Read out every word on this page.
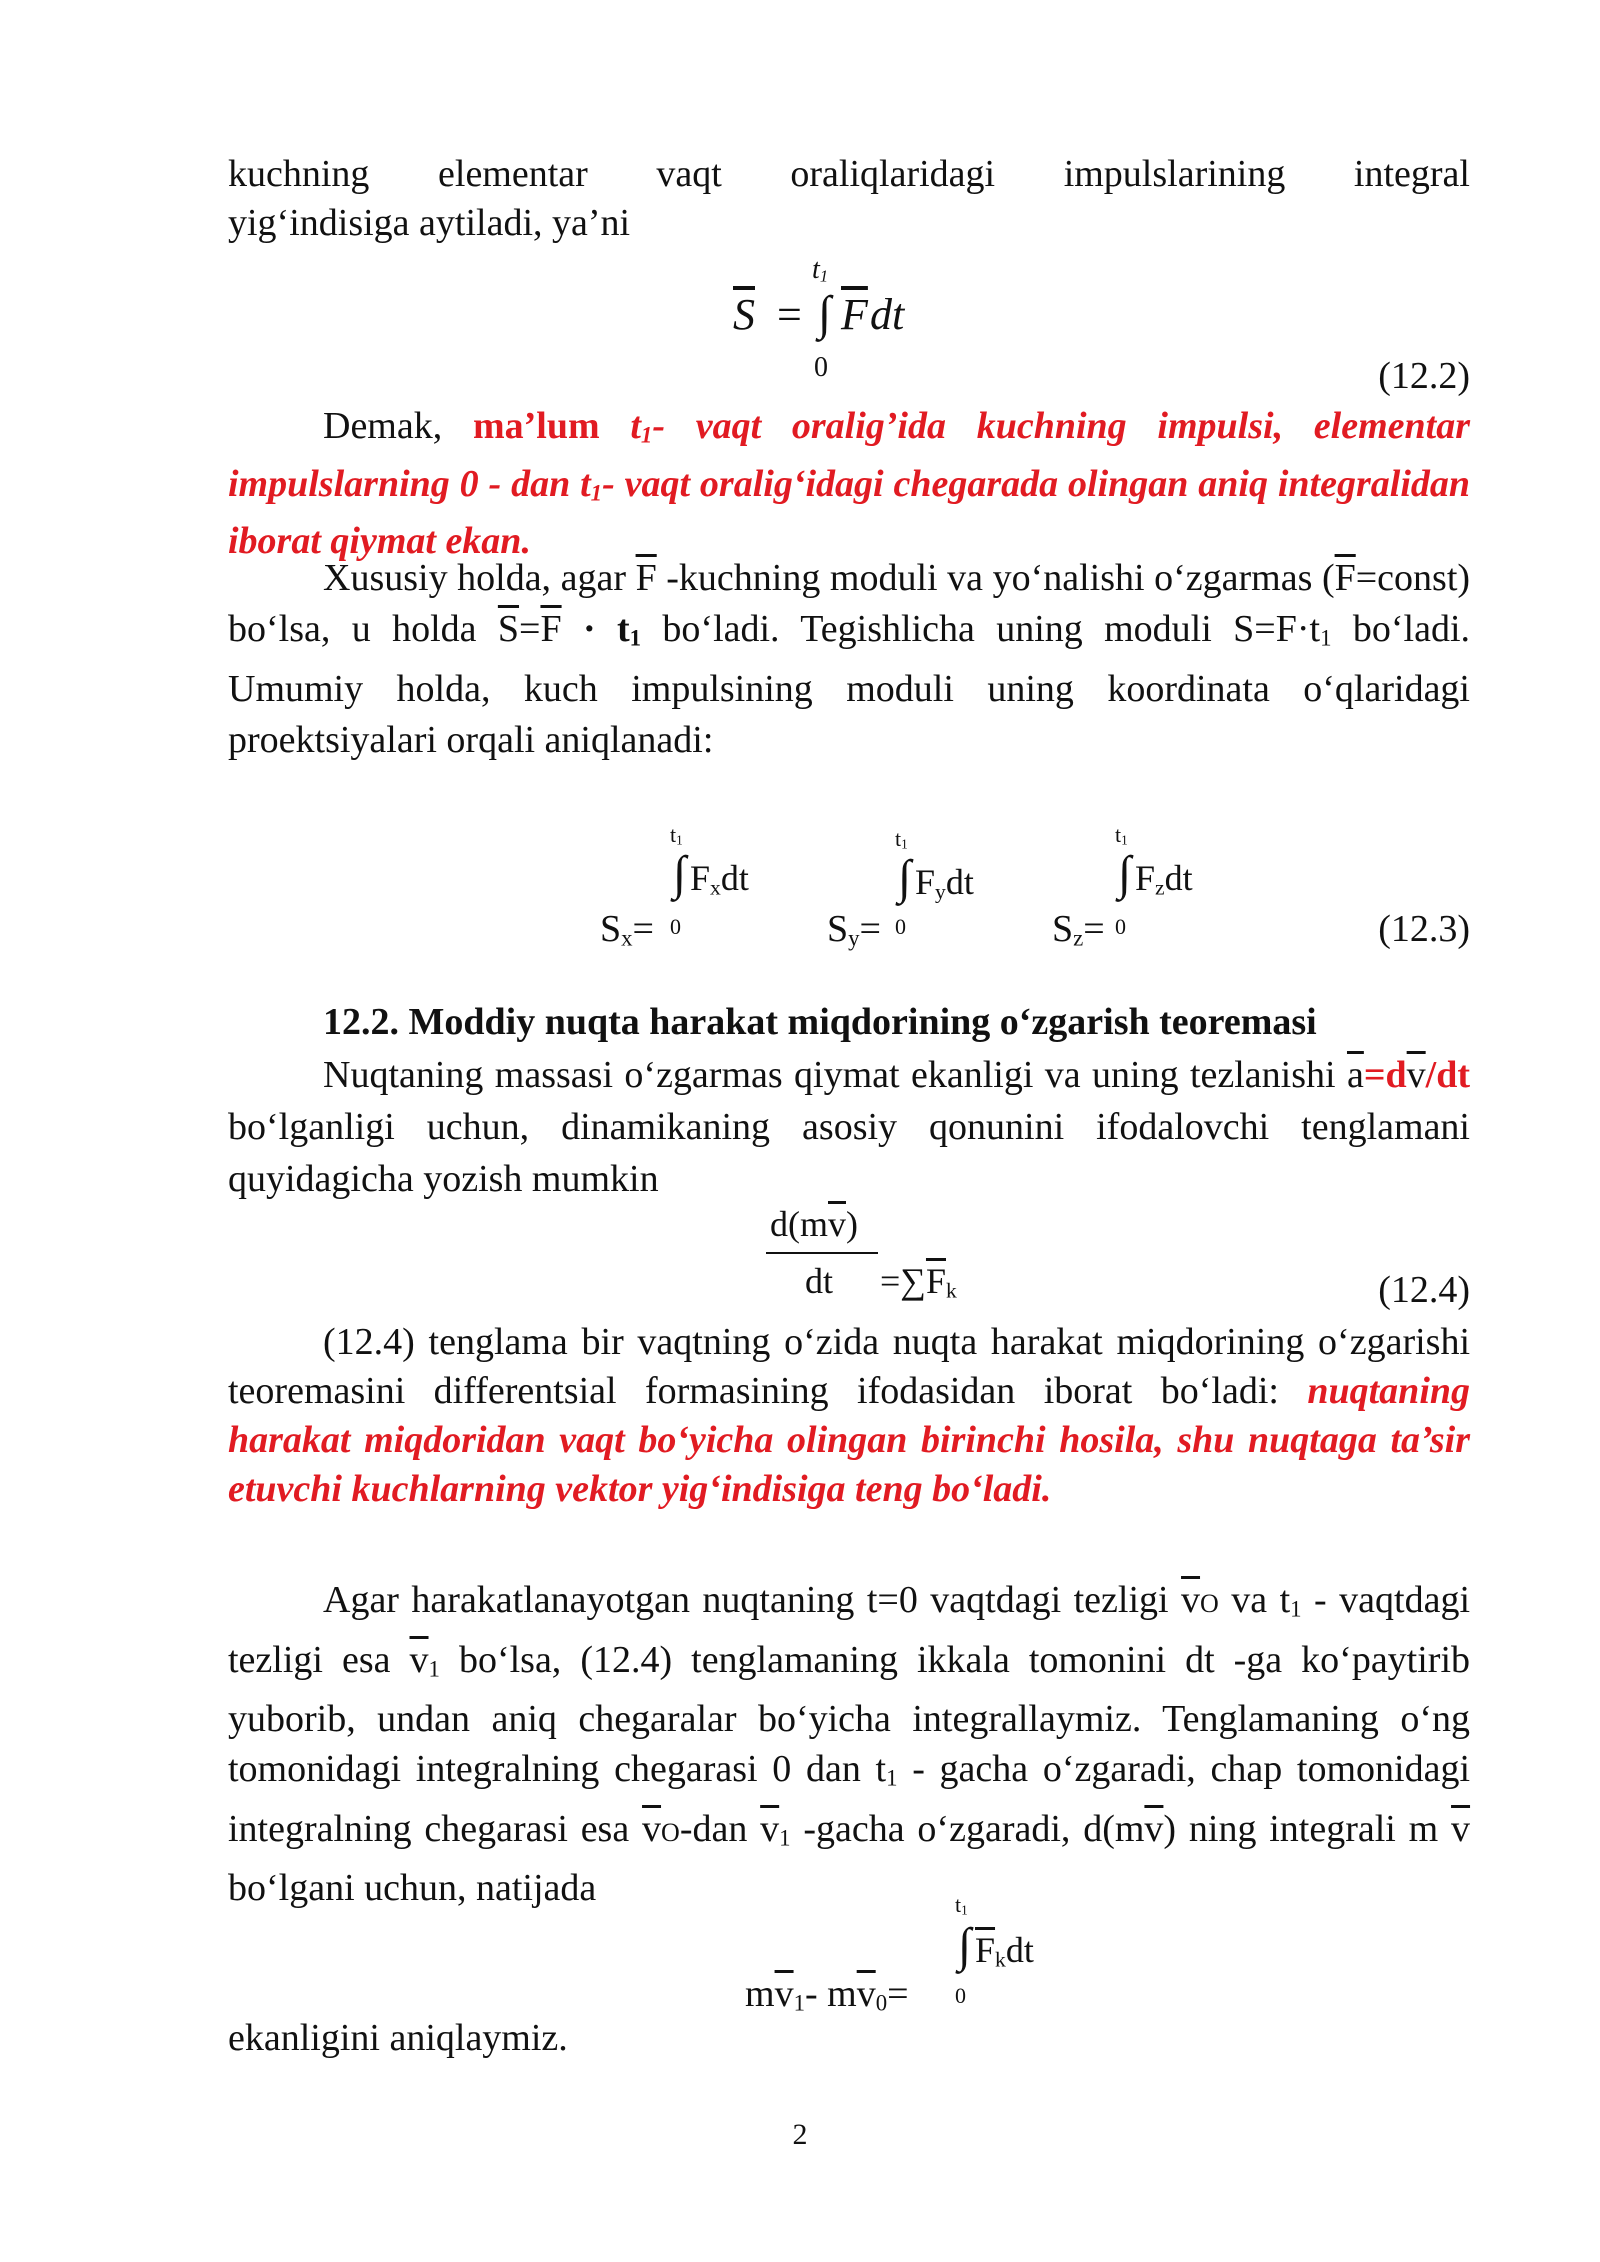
kuchning elementar vaqt oraliqlaridagi impulslarining integral
yig‘indisiga aytiladi, ya’ni
$t_1$
$\overline{S}$ = ∫ $\overline{F}$ dt
0	(12.2)
Demak, ma’lum $t_1-$ vaqt oralig’ida kuchning impulsi, elementar impulslarning 0 - dan $t_1-$ vaqt oralig‘idagi chegarada olingan aniq integralidan iborat qiymat ekan.
Xususiy holda, agar $\overline{F}$ -kuchning moduli va yo‘nalishi o‘zgarmas $(\overline{F}=const)$ bo‘lsa, u holda $\overline{S}=\overline{F} \cdot t_1$ bo‘ladi. Tegishlicha uning moduli $S=F\cdot t_1$ bo‘ladi. Umumiy holda, kuch impulsining moduli uning koordinata o‘qlaridagi proektsiyalari orqali aniqlanadi:
$t_1$
∫ $F_xdt$
0
$S_x=$
$t_1$
∫ $F_ydt$
0
$S_y=$
$t_1$
∫ $F_zdt$
0
$S_z=$	(12.3)
12.2. Moddiy nuqta harakat miqdorining o‘zgarish teoremasi
Nuqtaning massasi o‘zgarmas qiymat ekanligi va uning tezlanishi $\overline{a}=d\overline{v}/dt$ bo‘lganligi uchun, dinamikaning asosiy qonunini ifodalovchi tenglamani quyidagicha yozish mumkin
$d(m\overline{v})$
dt $=\sum\overline{F}_k$	(12.4)
(12.4) tenglama bir vaqtning o‘zida nuqta harakat miqdorining o‘zgarishi teoremasini differentsial formasining ifodasidan iborat bo‘ladi: nuqtaning harakat miqdoridan vaqt bo‘yicha olingan birinchi hosila, shu nuqtaga ta’sir etuvchi kuchlarning vektor yig‘indisiga teng bo‘ladi.
Agar harakatlanayotgan nuqtaning t=0 vaqtdagi tezligi $\overline{v}O$ va $t_1$ - vaqtdagi tezligi esa $\overline{v}_1$ bo‘lsa, (12.4) tenglamaning ikkala tomonini dt -ga ko‘paytirib yuborib, undan aniq chegaralar bo‘yicha integrallaymiz. Tenglamaning o‘ng tomonidagi integralning chegarasi 0 dan $t_1$ - gacha o‘zgaradi, chap tomonidagi integralning chegarasi esa $\overline{v}O$-dan $\overline{v}_1$ -gacha o‘zgaradi, $d(m\overline{v})$ ning integrali m $\overline{v}$ bo‘lgani uchun, natijada	$t_1$
∫ $\overline{F}_kdt$
0
$m\overline{v}_1-$ $m\overline{v}_0=$
ekanligini aniqlaymiz.
2
